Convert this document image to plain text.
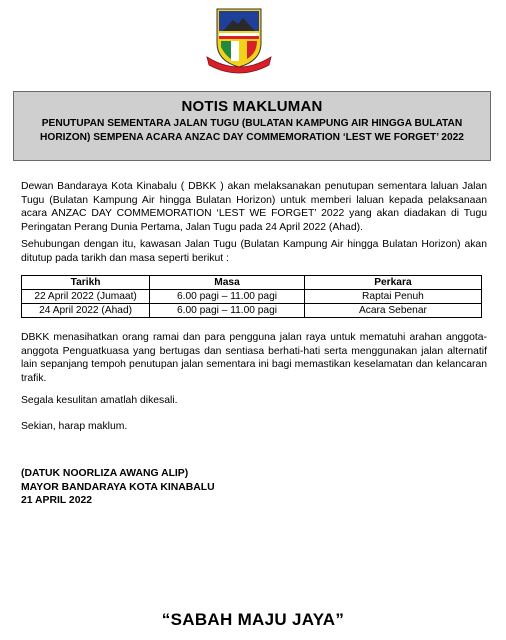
NOTIS MAKLUMAN
PENUTUPAN SEMENTARA JALAN TUGU (BULATAN KAMPUNG AIR HINGGA BULATAN HORIZON) SEMPENA ACARA ANZAC DAY COMMEMORATION ‘LEST WE FORGET’ 2022
Dewan Bandaraya Kota Kinabalu ( DBKK ) akan melaksanakan penutupan sementara laluan Jalan Tugu (Bulatan Kampung Air hingga Bulatan Horizon) untuk memberi laluan kepada pelaksanaan acara ANZAC DAY COMMEMORATION ‘LEST WE FORGET’ 2022 yang akan diadakan di Tugu Peringatan Perang Dunia Pertama, Jalan Tugu pada 24 April 2022 (Ahad).
Sehubungan dengan itu, kawasan Jalan Tugu (Bulatan Kampung Air hingga Bulatan Horizon) akan ditutup pada tarikh dan masa seperti berikut :
Tarikh	Masa	Perkara
22 April 2022 (Jumaat)	6.00 pagi – 11.00 pagi	Raptai Penuh
24 April 2022 (Ahad)	6.00 pagi – 11.00 pagi	Acara Sebenar
DBKK menasihatkan orang ramai dan para pengguna jalan raya untuk mematuhi arahan anggota-anggota Penguatkuasa yang bertugas dan sentiasa berhati-hati serta menggunakan jalan alternatif lain sepanjang tempoh penutupan jalan sementara ini bagi memastikan keselamatan dan kelancaran trafik.
Segala kesulitan amatlah dikesali.
Sekian, harap maklum.
(DATUK NOORLIZA AWANG ALIP)
MAYOR BANDARAYA KOTA KINABALU
21 APRIL 2022
“SABAH MAJU JAYA”
